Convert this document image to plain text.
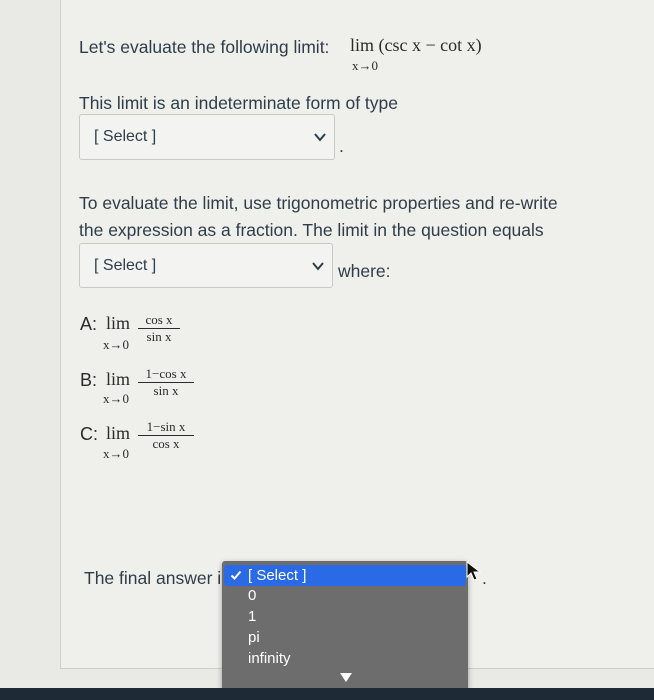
Let's evaluate the following limit: lim (csc x − cot x)
x→0
This limit is an indeterminate form of type
[ Select ]	.
To evaluate the limit, use trigonometric properties and re-write
the expression as a fraction. The limit in the question equals
[ Select ]	where:
A: lim
x→0
cos x
sin x
B: lim
x→0
1−cos x
sin x
C: lim
x→0
1−sin x
cos x
The final answer i	.
[ Select ]
0
1
pi
infinity
